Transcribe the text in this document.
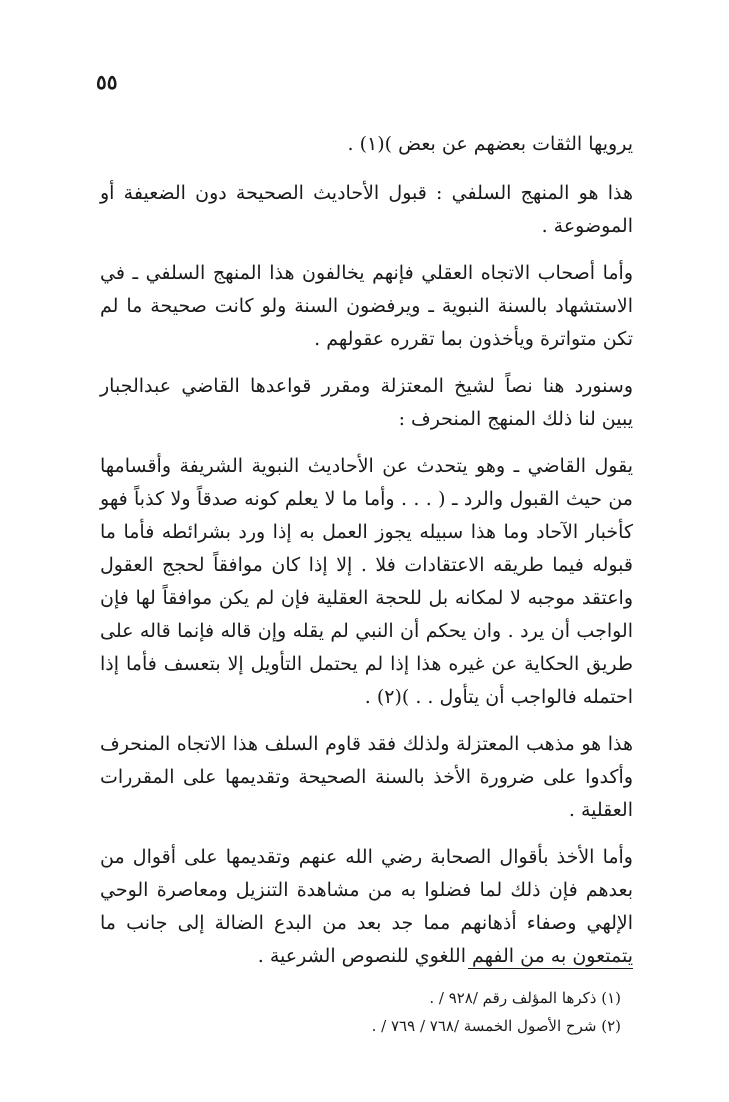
٥٥

يرويها الثقات بعضهم عن بعض )(١) .

هذا هو المنهج السلفي : قبول الأحاديث الصحيحة دون الضعيفة أو الموضوعة .

وأما أصحاب الاتجاه العقلي فإنهم يخالفون هذا المنهج السلفي ـ في الاستشهاد بالسنة النبوية ـ ويرفضون السنة ولو كانت صحيحة ما لم تكن متواترة ويأخذون بما تقرره عقولهم .

وسنورد هنا نصاً لشيخ المعتزلة ومقرر قواعدها القاضي عبدالجبار يبين لنا ذلك المنهج المنحرف :

يقول القاضي ـ وهو يتحدث عن الأحاديث النبوية الشريفة وأقسامها من حيث القبول والرد ـ ( . . . وأما ما لا يعلم كونه صدقاً ولا كذباً فهو كأخبار الآحاد وما هذا سبيله يجوز العمل به إذا ورد بشرائطه فأما ما قبوله فيما طريقه الاعتقادات فلا . إلا إذا كان موافقاً لحجج العقول واعتقد موجبه لا لمكانه بل للحجة العقلية فإن لم يكن موافقاً لها فإن الواجب أن يرد . وان يحكم أن النبي لم يقله وإن قاله فإنما قاله على طريق الحكاية عن غيره هذا إذا لم يحتمل التأويل إلا بتعسف فأما إذا احتمله فالواجب أن يتأول . . )(٢) .

هذا هو مذهب المعتزلة ولذلك فقد قاوم السلف هذا الاتجاه المنحرف وأكدوا على ضرورة الأخذ بالسنة الصحيحة وتقديمها على المقررات العقلية .

وأما الأخذ بأقوال الصحابة رضي الله عنهم وتقديمها على أقوال من بعدهم فإن ذلك لما فضلوا به من مشاهدة التنزيل ومعاصرة الوحي الإلهي وصفاء أذهانهم مما جد بعد من البدع الضالة إلى جانب ما يتمتعون به من الفهم اللغوي للنصوص الشرعية .

(١) ذكرها المؤلف رقم /٩٢٨ / .

(٢) شرح الأصول الخمسة /٧٦٨ / ٧٦٩ / .
